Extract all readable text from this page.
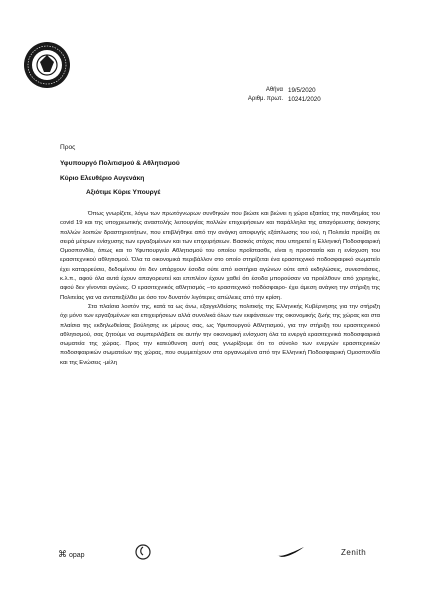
Αθήνα 19/5/2020
Αριθμ. πρωτ. 10241/2020
Προς
Υφυπουργό Πολιτισμού & Αθλητισμού
Κύριο Ελευθέριο Αυγενάκη
Αξιότιμε Κύριε Υπουργέ

Όπως γνωρίζετε, λόγω των πρωτόγνωρων συνθηκών που βιώσε και βιώνει η χώρα εξαιτίας της πανδημίας του covid 19 και της υποχρεωτικής αναστολής λειτουργίας πολλών επιχειρήσεων και παράλληλα της απαγόρευσης άσκησης πολλών λοιπών δραστηριοτήτων, που επιβλήθηκε από την ανάγκη αποφυγής εξάπλωσης του ιού, η Πολιτεία προέβη σε σειρά μέτρων ενίσχυσης των εργαζομένων και των επιχειρήσεων. Βασικός στόχος που υπηρετεί η Ελληνική Ποδοσφαιρική Ομοσπονδία, όπως και το Υφυπουργείο Αθλητισμού του οποίου προΐστασθε, είναι η προστασία και η ενίσχυση του ερασιτεχνικού αθλητισμού. Όλα τα οικονομικά περιβάλλον στο οποίο στηρίζεται ένα ερασιτεχνικό ποδοσφαιρικό σωματείο έχει καταρρεύσει, δεδομένου ότι δεν υπάρχουν έσοδα ούτε από εισιτήρια αγώνων ούτε από εκδηλώσεις, συνεστιάσεις, κ.λ.π., αφού όλα αυτά έχουν απαγορευτεί και επιπλέον έχουν χαθεί ότι έσοδα μπορούσαν να προέλθουν από χορηγίες, αφού δεν γίνονται αγώνες. Ο ερασιτεχνικός αθλητισμός –το ερασιτεχνικό ποδόσφαιρο- έχει άμεση ανάγκη την στήριξη της Πολιτείας για να ανταπεξέλθει με όσο τον δυνατόν λιγότερες απώλειες από την κρίση.

Στα πλαίσια λοιπόν της, κατά τα ως άνω, εξαγγελθείσης πολιτικής της Ελληνικής Κυβέρνησης για την στήριξη όχι μόνο των εργαζομένων και επιχειρήσεων αλλά συνολικά όλων των εκφάνσεων της οικονομικής ζωής της χώρας και στα πλαίσια της εκδηλωθείσας βούλησης εκ μέρους σας, ως Υφυπουργού Αθλητισμού, για την στήριξη του ερασιτεχνικού αθλητισμού, σας ζητούμε να συμπεριλάβετε σε αυτήν την οικονομική ενίσχυση όλα τα ενεργά ερασιτεχνικά ποδοσφαιρικά σωματεία της χώρας. Προς την κατεύθυνση αυτή σας γνωρίζουμε ότι το σύνολο των ενεργών ερασιτεχνικών ποδοσφαιρικών σωματείων της χώρας, που συμμετέχουν στα οργανωμένα από την Ελληνική Ποδοσφαιρική Ομοσπονδία και της Ενώσεις -μέλη

⌘ opap	Zenith
